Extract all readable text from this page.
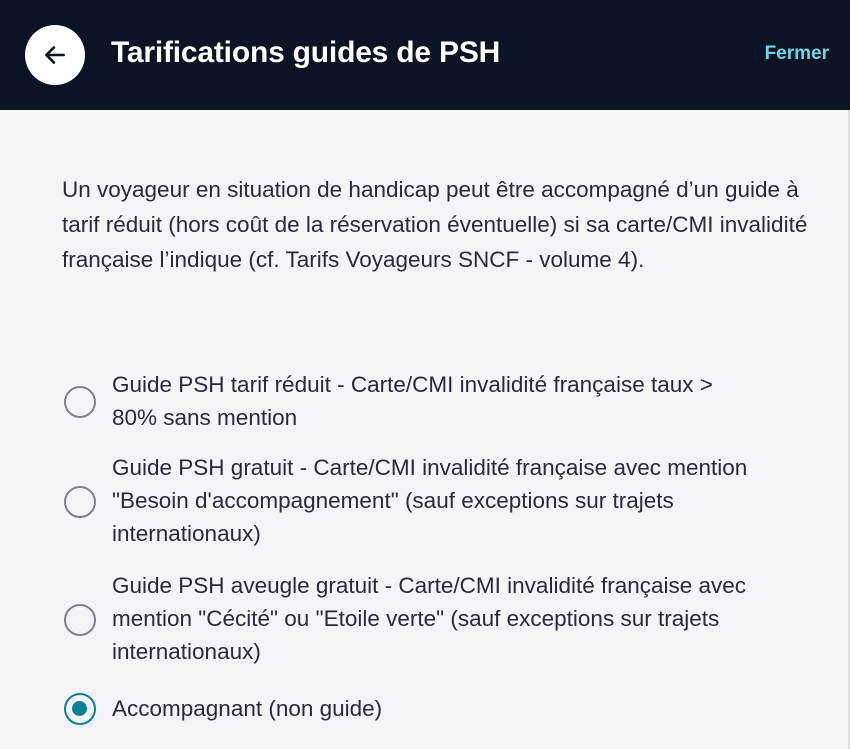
Tarifications guides de PSH	Fermer
Un voyageur en situation de handicap peut être accompagné d’un guide à tarif réduit (hors coût de la réservation éventuelle) si sa carte/CMI invalidité française l’indique (cf. Tarifs Voyageurs SNCF - volume 4).
Guide PSH tarif réduit - Carte/CMI invalidité française taux > 80% sans mention
Guide PSH gratuit - Carte/CMI invalidité française avec mention "Besoin d'accompagnement" (sauf exceptions sur trajets internationaux)
Guide PSH aveugle gratuit - Carte/CMI invalidité française avec mention "Cécité" ou "Etoile verte" (sauf exceptions sur trajets internationaux)
Accompagnant (non guide)
